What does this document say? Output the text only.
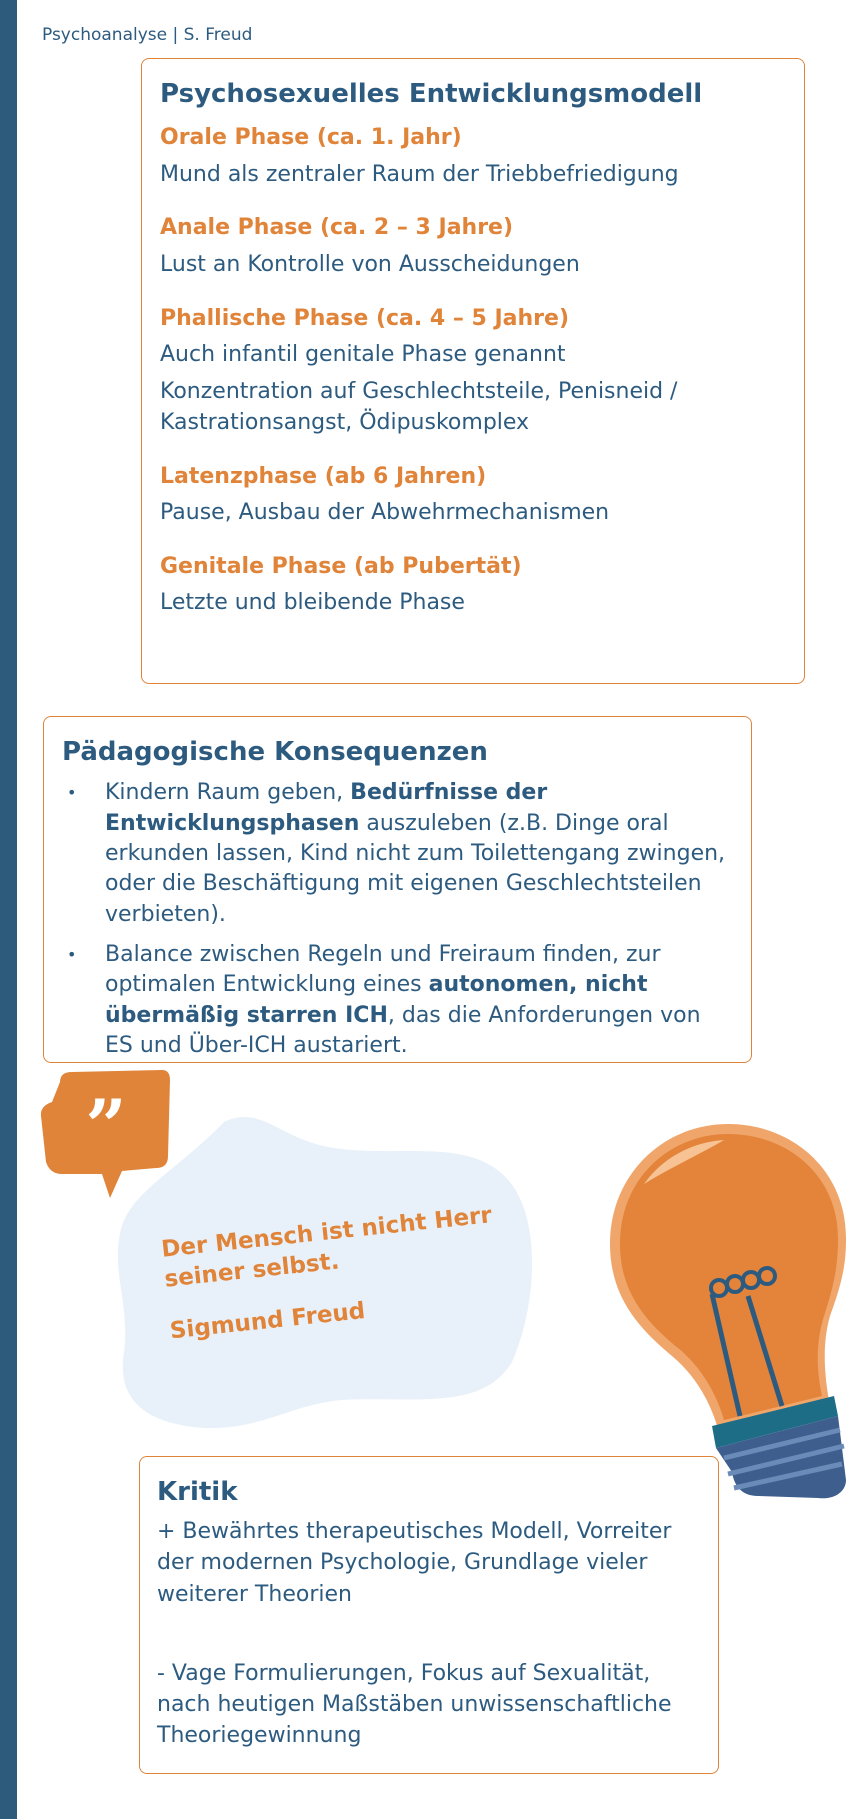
Psychoanalyse | S. Freud
Psychosexuelles Entwicklungsmodell
Orale Phase (ca. 1. Jahr)
Mund als zentraler Raum der Triebbefriedigung
Anale Phase (ca. 2 – 3 Jahre)
Lust an Kontrolle von Ausscheidungen
Phallische Phase (ca. 4 – 5 Jahre)
Auch infantil genitale Phase genannt
Konzentration auf Geschlechtsteile, Penisneid / Kastrationsangst, Ödipuskomplex
Latenzphase (ab 6 Jahren)
Pause, Ausbau der Abwehrmechanismen
Genitale Phase (ab Pubertät)
Letzte und bleibende Phase
Pädagogische Konsequenzen
• Kindern Raum geben, Bedürfnisse der Entwicklungsphasen auszuleben (z.B. Dinge oral erkunden lassen, Kind nicht zum Toilettengang zwingen, oder die Beschäftigung mit eigenen Geschlechtsteilen verbieten).
• Balance zwischen Regeln und Freiraum finden, zur optimalen Entwicklung eines autonomen, nicht übermäßig starren ICH, das die Anforderungen von ES und Über-ICH austariert.
”
Der Mensch ist nicht Herr seiner selbst.
Sigmund Freud
Kritik

+ Bewährtes therapeutisches Modell, Vorreiter der modernen Psychologie, Grundlage vieler weiterer Theorien

- Vage Formulierungen, Fokus auf Sexualität, nach heutigen Maßstäben unwissenschaftliche Theoriegewinnung
